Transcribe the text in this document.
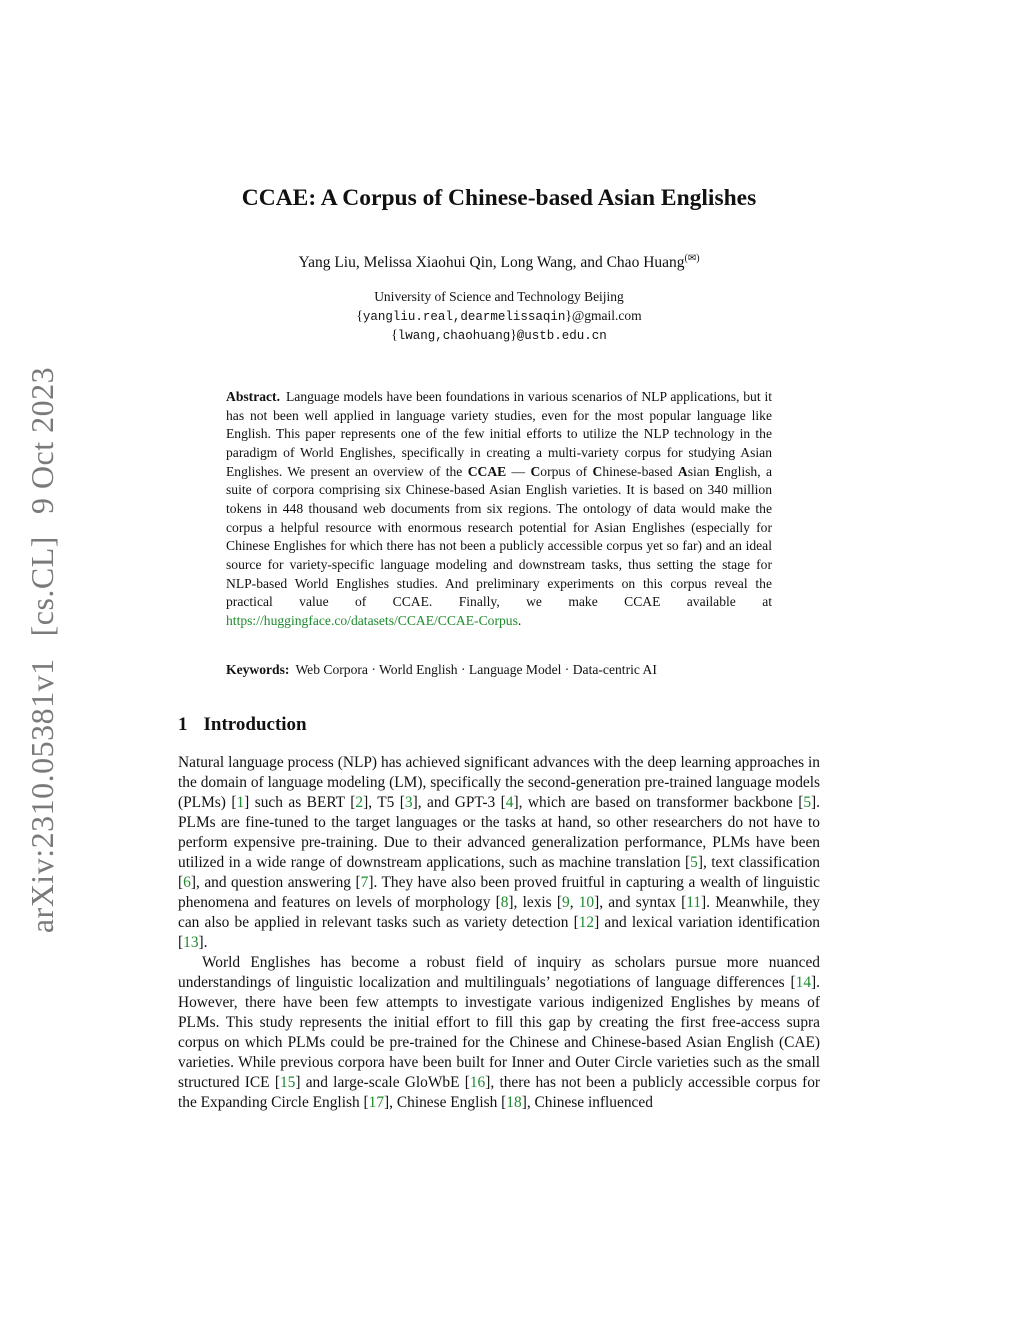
arXiv:2310.05381v1
[cs.CL]
9 Oct 2023
CCAE: A Corpus of Chinese-based Asian Englishes
Yang Liu, Melissa Xiaohui Qin, Long Wang, and Chao Huang(✉)
University of Science and Technology Beijing
{yangliu.real,dearmelissaqin}@gmail.com
{lwang,chaohuang}@ustb.edu.cn
Abstract. Language models have been foundations in various scenarios of NLP applications, but it has not been well applied in language variety studies, even for the most popular language like English. This paper represents one of the few initial efforts to utilize the NLP technology in the paradigm of World Englishes, specifically in creating a multi-variety corpus for studying Asian Englishes. We present an overview of the CCAE — Corpus of Chinese-based Asian English, a suite of corpora comprising six Chinese-based Asian English varieties. It is based on 340 million tokens in 448 thousand web documents from six regions. The ontology of data would make the corpus a helpful resource with enormous research potential for Asian Englishes (especially for Chinese Englishes for which there has not been a publicly accessible corpus yet so far) and an ideal source for variety-specific language modeling and downstream tasks, thus setting the stage for NLP-based World Englishes studies. And preliminary experiments on this corpus reveal the practical value of CCAE. Finally, we make CCAE available at https://huggingface.co/datasets/CCAE/CCAE-Corpus.
Keywords: Web Corpora · World English · Language Model · Data-centric AI
1 Introduction

Natural language process (NLP) has achieved significant advances with the deep learning approaches in the domain of language modeling (LM), specifically the second-generation pre-trained language models (PLMs) [1] such as BERT [2], T5 [3], and GPT-3 [4], which are based on transformer backbone [5]. PLMs are fine-tuned to the target languages or the tasks at hand, so other researchers do not have to perform expensive pre-training. Due to their advanced generalization performance, PLMs have been utilized in a wide range of downstream applications, such as machine translation [5], text classification [6], and question answering [7]. They have also been proved fruitful in capturing a wealth of linguistic phenomena and features on levels of morphology [8], lexis [9, 10], and syntax [11]. Meanwhile, they can also be applied in relevant tasks such as variety detection [12] and lexical variation identification [13].

World Englishes has become a robust field of inquiry as scholars pursue more nuanced understandings of linguistic localization and multilinguals’ negotiations of language differences [14]. However, there have been few attempts to investigate various indigenized Englishes by means of PLMs. This study represents the initial effort to fill this gap by creating the first free-access supra corpus on which PLMs could be pre-trained for the Chinese and Chinese-based Asian English (CAE) varieties. While previous corpora have been built for Inner and Outer Circle varieties such as the small structured ICE [15] and large-scale GloWbE [16], there has not been a publicly accessible corpus for the Expanding Circle English [17], Chinese English [18], Chinese influenced
